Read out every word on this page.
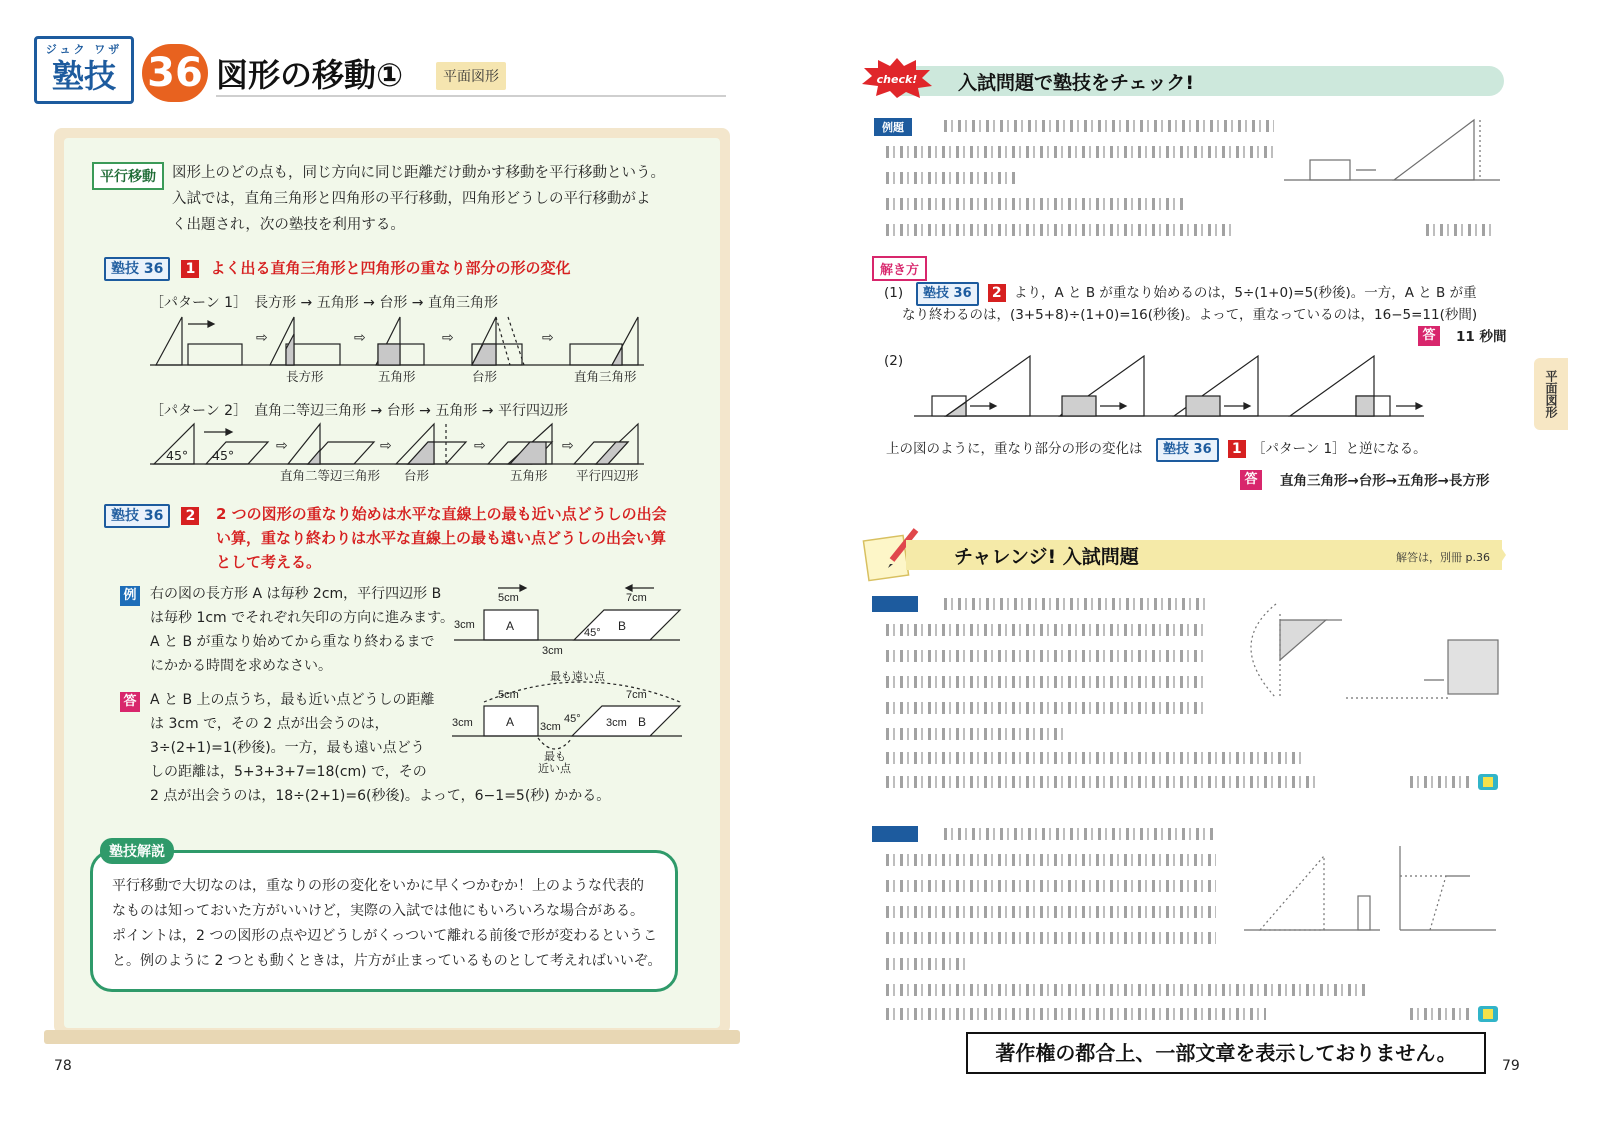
ジュク ワザ
塾技 36 図形の移動①	平面図形
平行移動	図形上のどの点も，同じ方向に同じ距離だけ動かす移動を平行移動という。
入試では，直角三角形と四角形の平行移動，四角形どうしの平行移動がよ
く出題され，次の塾技を利用する。
塾技 36 1 よく出る直角三角形と四角形の重なり部分の形の変化
［パターン 1］　長方形 → 五角形 → 台形 → 直角三角形
⇨	⇨	⇨	⇨
長方形	五角形	台形	直角三角形
［パターン 2］　直角二等辺三角形 → 台形 → 五角形 → 平行四辺形
⇨	⇨	⇨	⇨
45° 45°
直角二等辺三角形 台形	五角形 平行四辺形
塾技 36 2 2 つの図形の重なり始めは水平な直線上の最も近い点どうしの出会
い算，重なり終わりは水平な直線上の最も遠い点どうしの出会い算
として考える。
例 右の図の長方形 A は毎秒 2cm，平行四辺形 B
は毎秒 1cm でそれぞれ矢印の方向に進みます。
A と B が重なり始めてから重なり終わるまで
にかかる時間を求めなさい。
5cm	7cm
3cm
3cm
45°
A	B
答 A と B 上の点うち，最も近い点どうしの距離
は 3cm で，その 2 点が出会うのは，
3÷(2+1)=1(秒後)。一方，最も遠い点どう
しの距離は，5+3+3+7=18(cm) で，その
2 点が出会うのは，18÷(2+1)=6(秒後)。よって，6−1=5(秒) かかる。
最も遠い点
5cm	7cm
3cm	3cm	3cm
45°
A	B
最も
近い点
塾技解説
平行移動で大切なのは，重なりの形の変化をいかに早くつかむか！上のような代表的
なものは知っておいた方がいいけど，実際の入試では他にもいろいろな場合がある。
ポイントは，2 つの図形の点や辺どうしがくっついて離れる前後で形が変わるというこ
と。例のように 2 つとも動くときは，片方が止まっているものとして考えればいいぞ。
78
check! 入試問題で塾技をチェック!
例題
解き方
(1)	塾技 36 2 より，A と B が重なり始めるのは，5÷(1+0)=5(秒後)。一方，A と B が重
なり終わるのは，(3+5+8)÷(1+0)=16(秒後)。よって，重なっているのは，16−5=11(秒間)
答	11 秒間
(2)
上の図のように，重なり部分の形の変化は	塾技 36 1 ［パターン 1］と逆になる。
答	直角三角形→台形→五角形→長方形
平面図形
チャレンジ! 入試問題	解答は，別冊 p.36
著作権の都合上、一部文章を表示しておりません。
79
